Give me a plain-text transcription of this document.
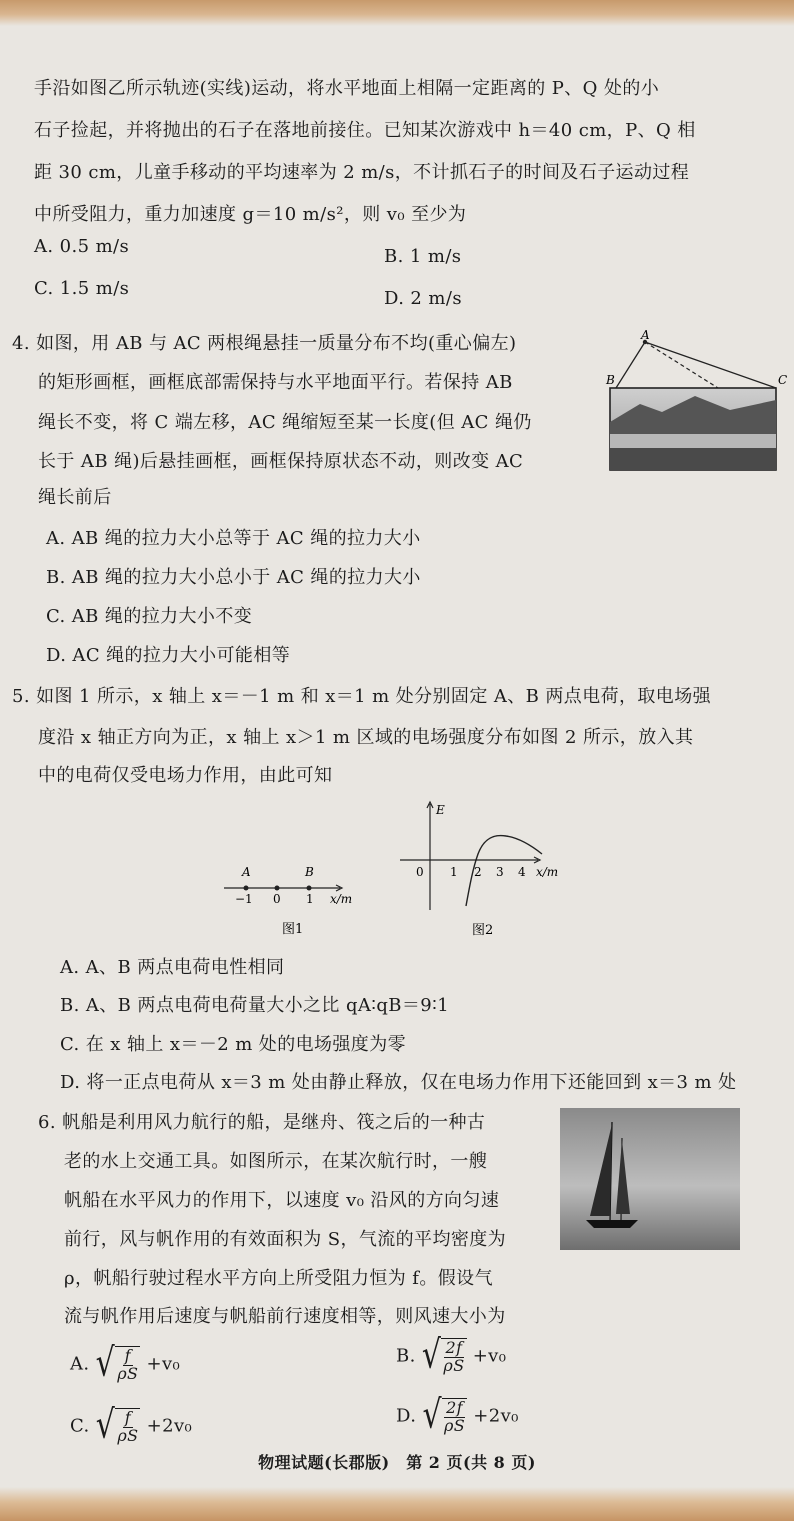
手沿如图乙所示轨迹(实线)运动，将水平地面上相隔一定距离的 P、Q 处的小
石子捡起，并将抛出的石子在落地前接住。已知某次游戏中 h＝40 cm，P、Q 相
距 30 cm，儿童手移动的平均速率为 2 m/s，不计抓石子的时间及石子运动过程
中所受阻力，重力加速度 g＝10 m/s²，则 v₀ 至少为
A. 0.5 m/s	B. 1 m/s
C. 1.5 m/s	D. 2 m/s
4. 如图，用 AB 与 AC 两根绳悬挂一质量分布不均(重心偏左)
的矩形画框，画框底部需保持与水平地面平行。若保持 AB
绳长不变，将 C 端左移，AC 绳缩短至某一长度(但 AC 绳仍
长于 AB 绳)后悬挂画框，画框保持原状态不动，则改变 AC
绳长前后
A. AB 绳的拉力大小总等于 AC 绳的拉力大小
B. AB 绳的拉力大小总小于 AC 绳的拉力大小
C. AB 绳的拉力大小不变
D. AC 绳的拉力大小可能相等
A
B	C
5. 如图 1 所示，x 轴上 x＝－1 m 和 x＝1 m 处分别固定 A、B 两点电荷，取电场强
度沿 x 轴正方向为正，x 轴上 x＞1 m 区域的电场强度分布如图 2 所示，放入其
中的电荷仅受电场力作用，由此可知
A	B
−1 0 1 x/m
图1
E
0 1 2 3 4 x/m
图2
A. A、B 两点电荷电性相同
B. A、B 两点电荷电荷量大小之比 qA∶qB＝9∶1
C. 在 x 轴上 x＝－2 m 处的电场强度为零
D. 将一正点电荷从 x＝3 m 处由静止释放，仅在电场力作用下还能回到 x＝3 m 处
6. 帆船是利用风力航行的船，是继舟、筏之后的一种古
老的水上交通工具。如图所示，在某次航行时，一艘
帆船在水平风力的作用下，以速度 v₀ 沿风的方向匀速
前行，风与帆作用的有效面积为 S，气流的平均密度为
ρ，帆船行驶过程水平方向上所受阻力恒为 f。假设气
流与帆作用后速度与帆船前行速度相等，则风速大小为
A. √ $\frac{f}{\rho S} +v_0$	B. √ $\frac{2f}{\rho S} +v_0$
C. √ $\frac{f}{\rho S} +2v_0$	D. √ $\frac{2f}{\rho S} +2v_0$
物理试题(长郡版)　第 2 页(共 8 页)
